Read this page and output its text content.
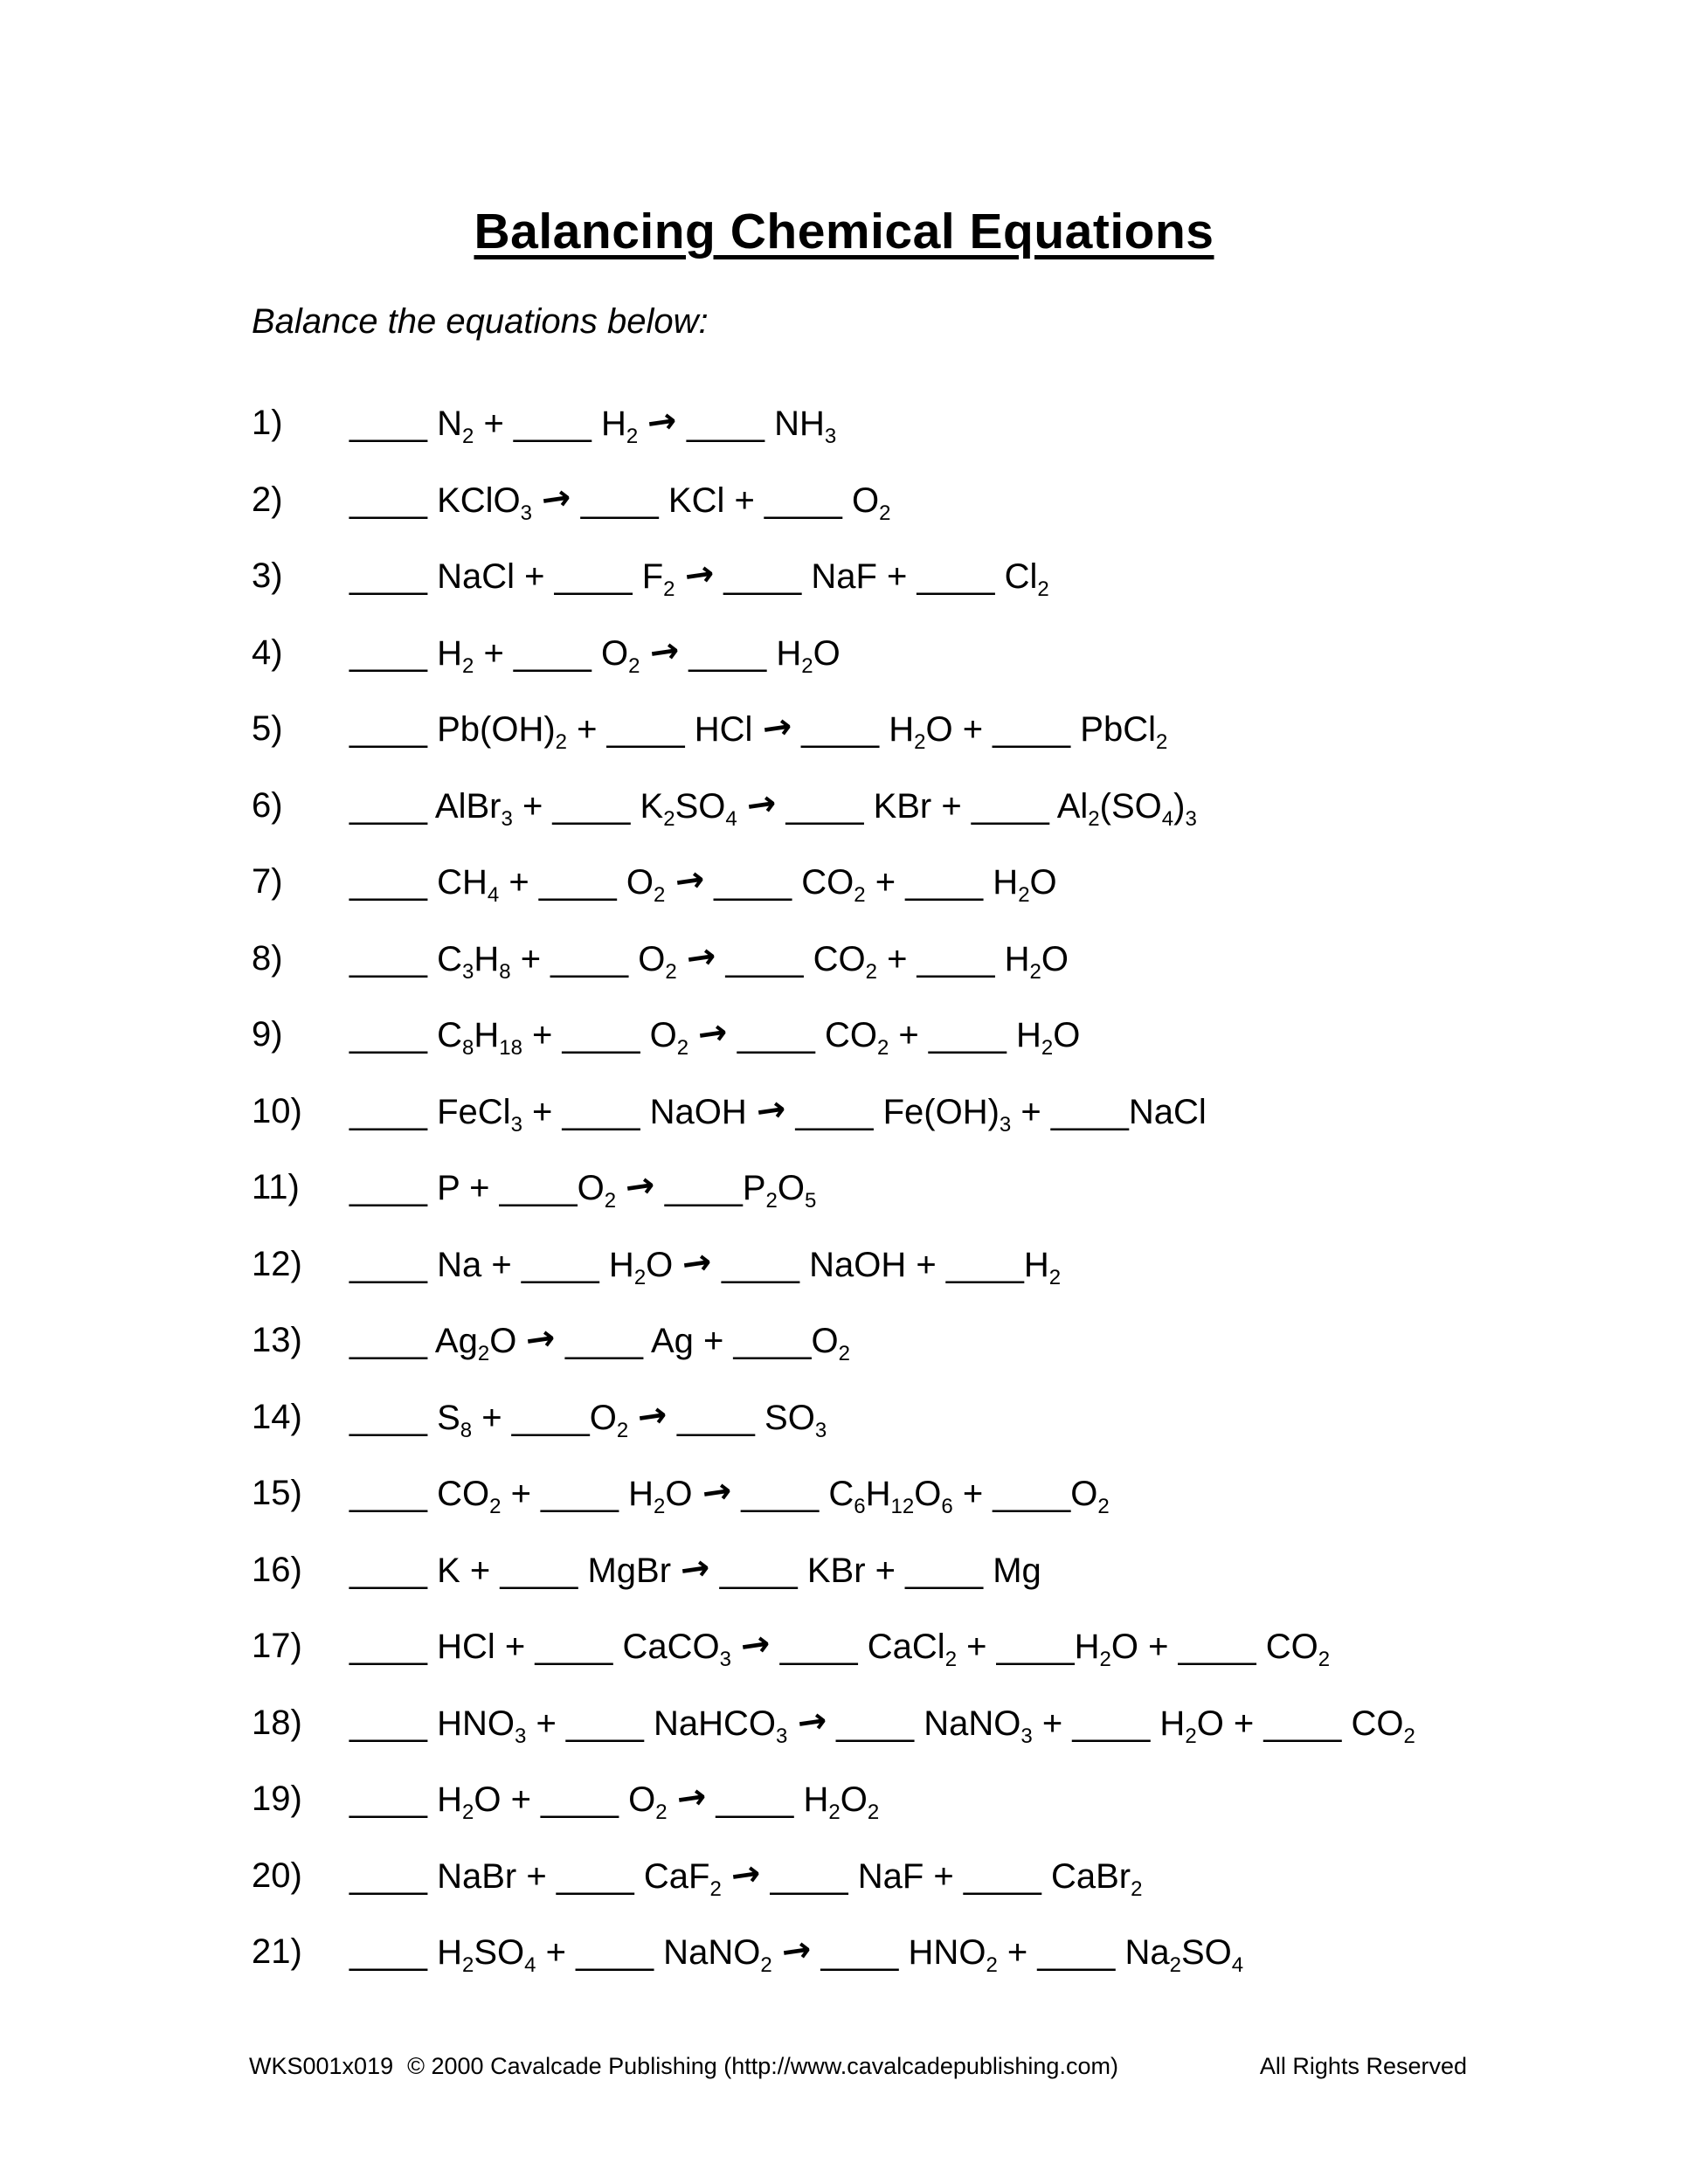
Balancing Chemical Equations
Balance the equations below:
1)	____ $N_2$ + ____ $H_2$ → ____ $NH_3$
2)	____ KClO$_3$ → ____ KCl + ____ $O_2$
3)	____ NaCl + ____ $F_2$ → ____ NaF + ____ $Cl_2$
4)	____ $H_2$ + ____ $O_2$ → ____ $H_2O$
5)	____ $Pb(OH)_2$ + ____ HCl → ____ $H_2O$ + ____ PbCl$_2$
6)	____ AlBr$_3$ + ____ $K_2SO_4$ → ____ KBr + ____ $Al_2(SO_4)_3$
7)	____ $CH_4$ + ____ $O_2$ → ____ $CO_2$ + ____ $H_2O$
8)	____ $C_3H_8$ + ____ $O_2$ → ____ $CO_2$ + ____ $H_2O$
9)	____ $C_8H_{18}$ + ____ $O_2$ → ____ $CO_2$ + ____ $H_2O$
10)	____ FeCl$_3$ + ____ NaOH → ____ $Fe(OH)_3$ + ____NaCl
11)	____ $P + \_\_\_\_O_2$ → $\_\_\_\_P_2O_5$
12)	____ Na + ____ $H_2O$ → ____ NaOH + $\_\_\_\_H_2$
13)	____ $Ag_2O$ → ____ $Ag + \_\_\_\_O_2$
14)	____ $S_8$ + $\_\_\_\_O_2$ → ____ $SO_3$
15)	____ $CO_2$ + ____ $H_2O$ → ____ $C_6H_{12}O_6$ + $\_\_\_\_O_2$
16)	____ K + ____ MgBr → ____ KBr + ____ Mg
17)	____ HCl + ____ CaCO$_3$ → ____ CaCl$_2$ + $\_\_\_\_H_2O$ + ____ $CO_2$
18)	____ $HNO_3$ + ____ NaHCO$_3$ → ____ NaNO$_3$ + ____ $H_2O$ + ____ $CO_2$
19)	____ $H_2O$ + ____ $O_2$ → ____ $H_2O_2$
20)	____ NaBr + ____ CaF$_2$ → ____ NaF + ____ CaBr$_2$
21)	____ $H_2SO_4$ + ____ NaNO$_2$ → ____ $HNO_2$ + ____ $Na_2SO_4$
WKS001x019 © 2000 Cavalcade Publishing (http://www.cavalcadepublishing.com)	All Rights Reserved
